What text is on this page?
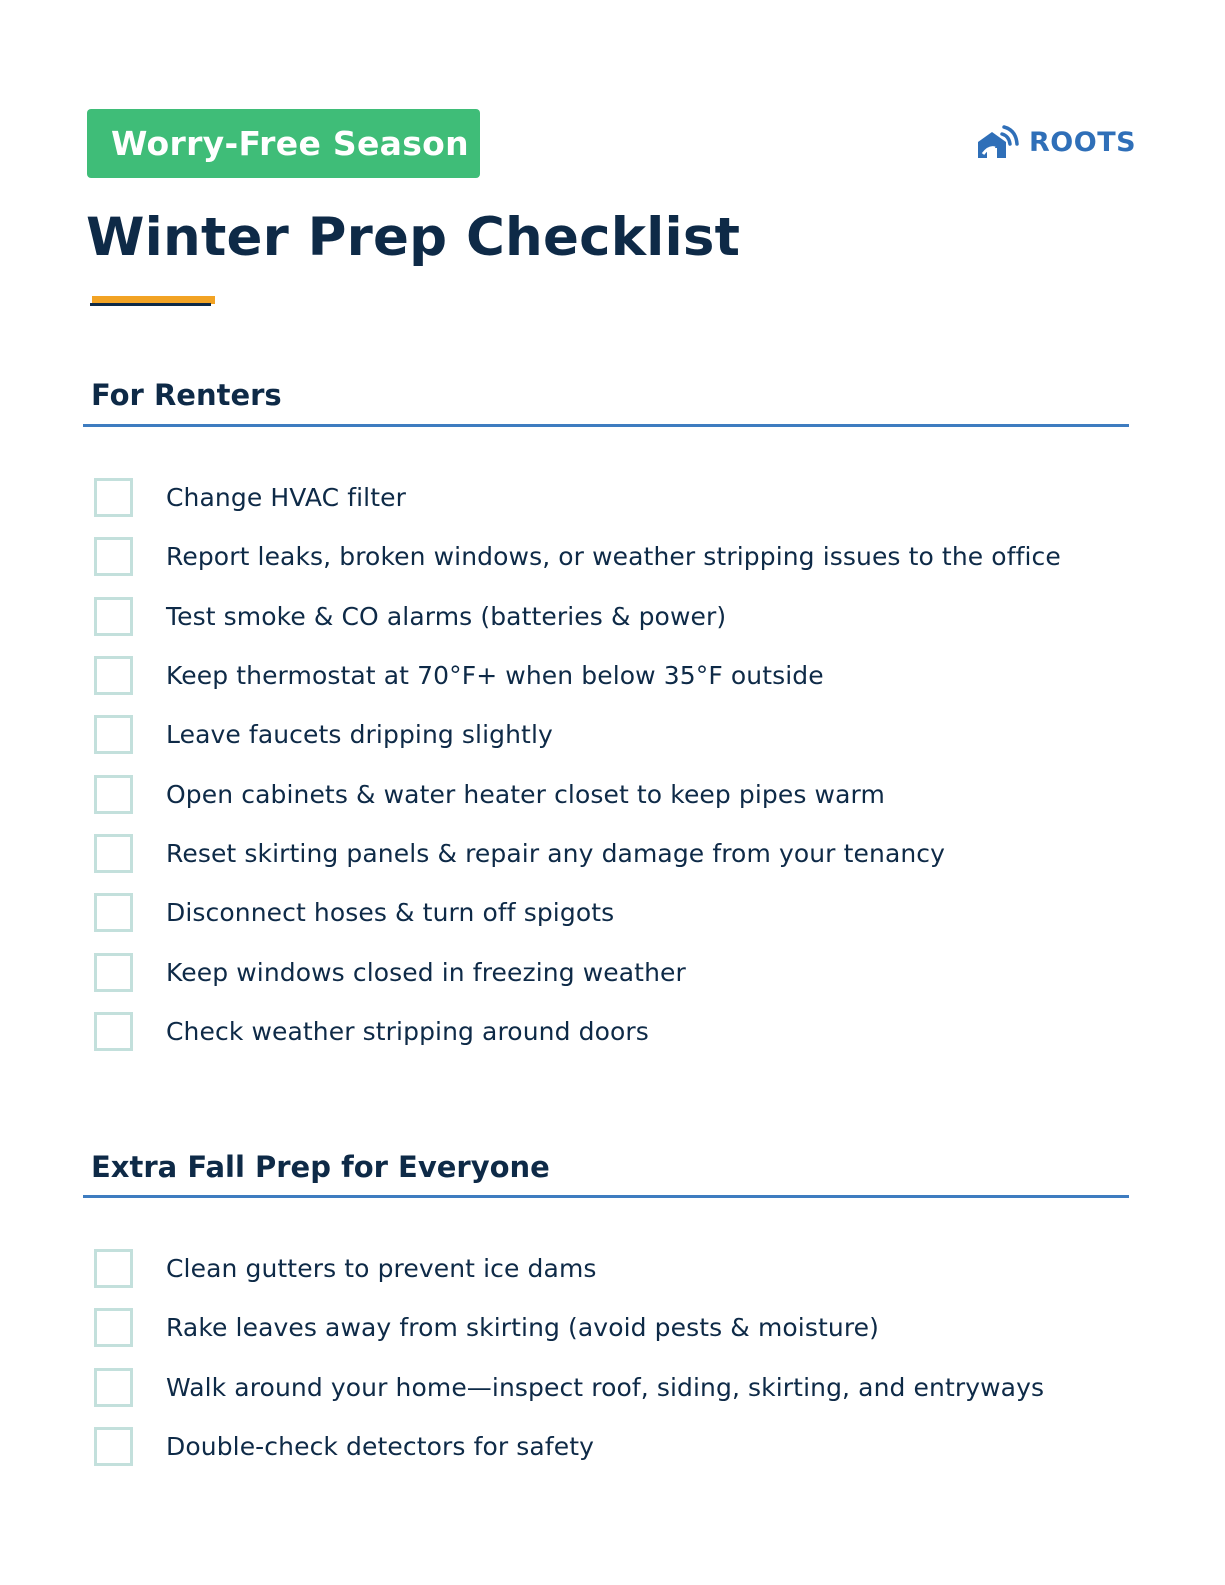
Worry-Free Season	ROOTS
Winter Prep Checklist
For Renters
Change HVAC filter
Report leaks, broken windows, or weather stripping issues to the office
Test smoke & CO alarms (batteries & power)
Keep thermostat at 70°F+ when below 35°F outside
Leave faucets dripping slightly
Open cabinets & water heater closet to keep pipes warm
Reset skirting panels & repair any damage from your tenancy
Disconnect hoses & turn off spigots
Keep windows closed in freezing weather
Check weather stripping around doors
Extra Fall Prep for Everyone
Clean gutters to prevent ice dams
Rake leaves away from skirting (avoid pests & moisture)
Walk around your home—inspect roof, siding, skirting, and entryways
Double-check detectors for safety
